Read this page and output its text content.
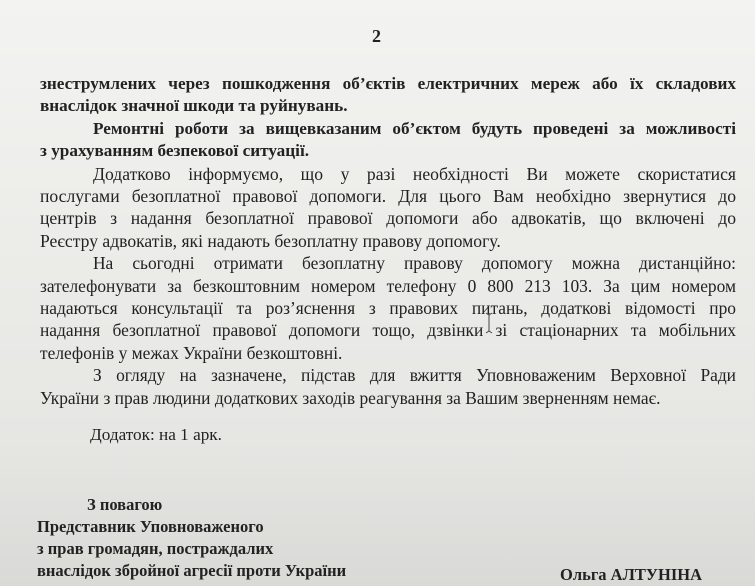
2
знеструмлених через пошкодження об’єктів електричних мереж або їх складових
внаслідок значної шкоди та руйнувань.
Ремонтні роботи за вищевказаним об’єктом будуть проведені за можливості
з урахуванням безпекової ситуації.
Додатково інформуємо, що у разі необхідності Ви можете скористатися
послугами безоплатної правової допомоги. Для цього Вам необхідно звернутися до
центрів з надання безоплатної правової допомоги або адвокатів, що включені до
Реєстру адвокатів, які надають безоплатну правову допомогу.
На сьогодні отримати безоплатну правову допомогу можна дистанційно:
зателефонувати за безкоштовним номером телефону 0 800 213 103. За цим номером
надаються консультації та роз’яснення з правових питань, додаткові відомості про
надання безоплатної правової допомоги тощо, дзвінки зі стаціонарних та мобільних
телефонів у межах України безкоштовні.
З огляду на зазначене, підстав для вжиття Уповноваженим Верховної Ради
України з прав людини додаткових заходів реагування за Вашим зверненням немає.
Додаток: на 1 арк.
З повагою
Представник Уповноваженого
з прав громадян, постраждалих
внаслідок збройної агресії проти України	Ольга АЛТУНІНА
